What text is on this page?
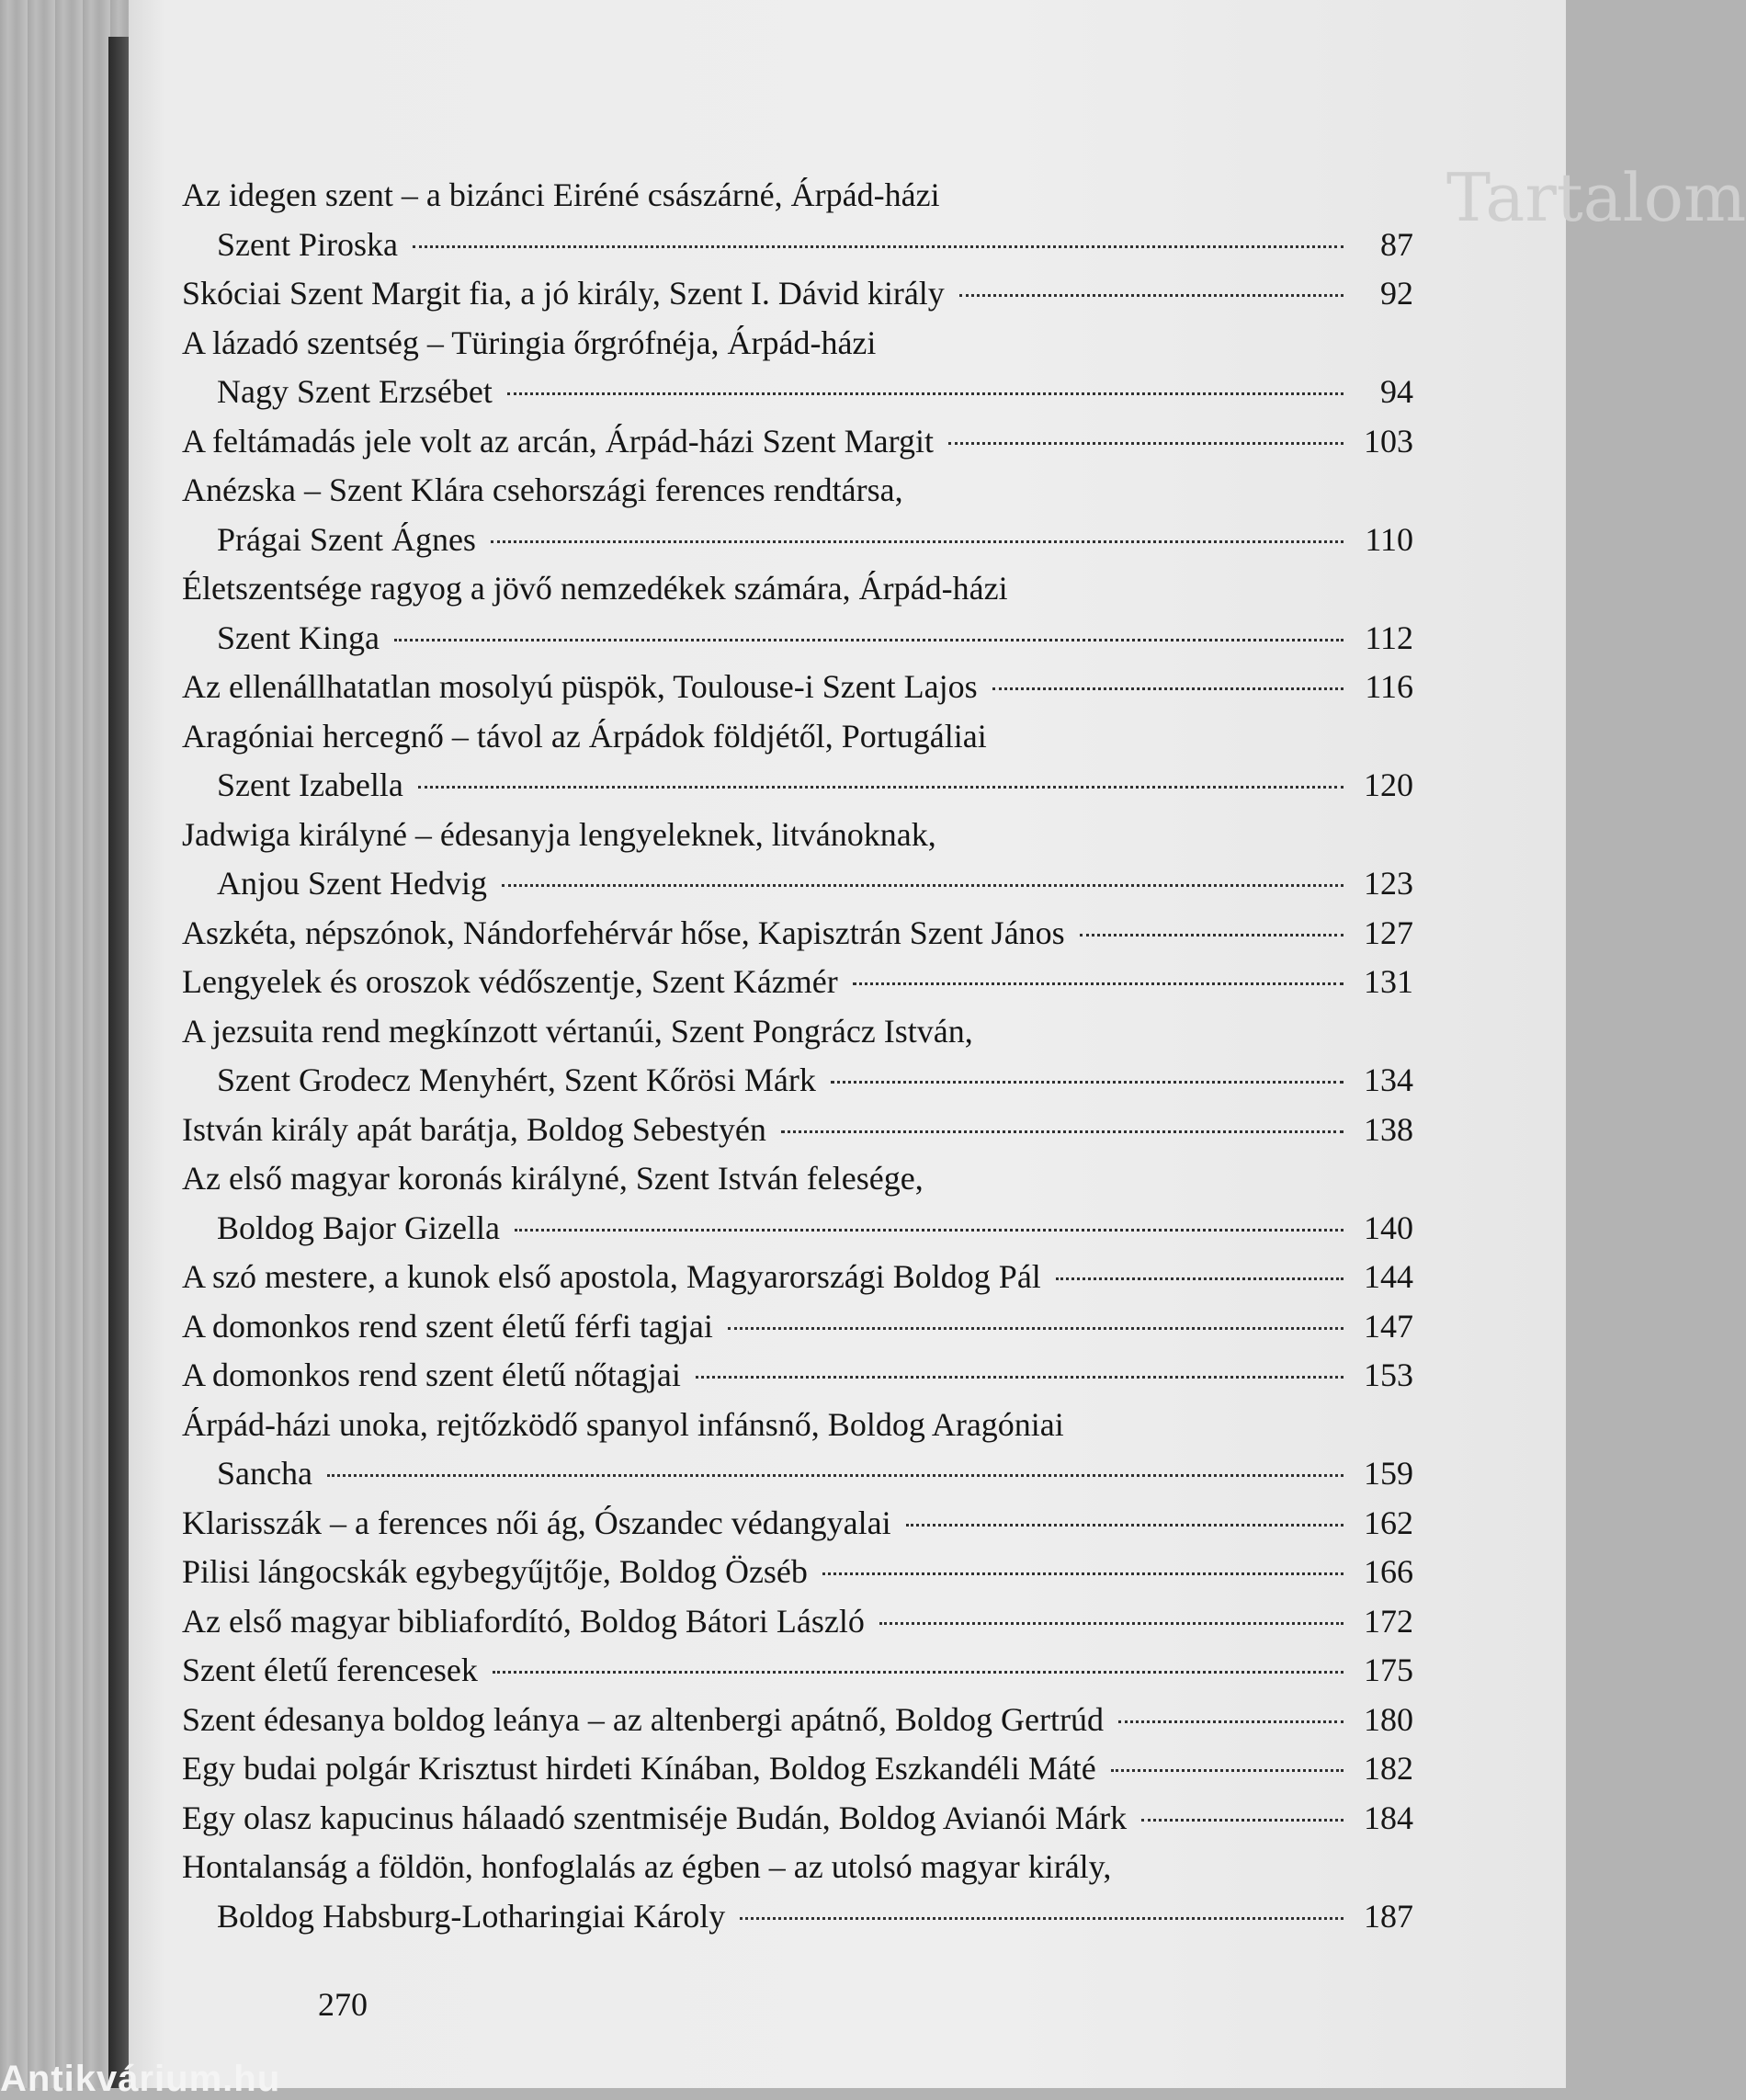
Tartalom
Az idegen szent – a bizánci Eiréné császárné, Árpád-házi
Szent Piroska	87
Skóciai Szent Margit fia, a jó király, Szent I. Dávid király	92
A lázadó szentség – Türingia őrgrófnéja, Árpád-házi
Nagy Szent Erzsébet	94
A feltámadás jele volt az arcán, Árpád-házi Szent Margit	103
Anézska – Szent Klára csehországi ferences rendtársa,
Prágai Szent Ágnes	110
Életszentsége ragyog a jövő nemzedékek számára, Árpád-házi
Szent Kinga	112
Az ellenállhatatlan mosolyú püspök, Toulouse-i Szent Lajos	116
Aragóniai hercegnő – távol az Árpádok földjétől, Portugáliai
Szent Izabella	120
Jadwiga királyné – édesanyja lengyeleknek, litvánoknak,
Anjou Szent Hedvig	123
Aszkéta, népszónok, Nándorfehérvár hőse, Kapisztrán Szent János	127
Lengyelek és oroszok védőszentje, Szent Kázmér	131
A jezsuita rend megkínzott vértanúi, Szent Pongrácz István,
Szent Grodecz Menyhért, Szent Kőrösi Márk	134
István király apát barátja, Boldog Sebestyén	138
Az első magyar koronás királyné, Szent István felesége,
Boldog Bajor Gizella	140
A szó mestere, a kunok első apostola, Magyarországi Boldog Pál	144
A domonkos rend szent életű férfi tagjai	147
A domonkos rend szent életű nőtagjai	153
Árpád-házi unoka, rejtőzködő spanyol infánsnő, Boldog Aragóniai
Sancha	159
Klarisszák – a ferences női ág, Ószandec védangyalai	162
Pilisi lángocskák egybegyűjtője, Boldog Özséb	166
Az első magyar bibliafordító, Boldog Bátori László	172
Szent életű ferencesek	175
Szent édesanya boldog leánya – az altenbergi apátnő, Boldog Gertrúd	180
Egy budai polgár Krisztust hirdeti Kínában, Boldog Eszkandéli Máté	182
Egy olasz kapucinus hálaadó szentmiséje Budán, Boldog Avianói Márk	184
Hontalanság a földön, honfoglalás az égben – az utolsó magyar király,
Boldog Habsburg-Lotharingiai Károly	187
270
Antikvárium.hu
